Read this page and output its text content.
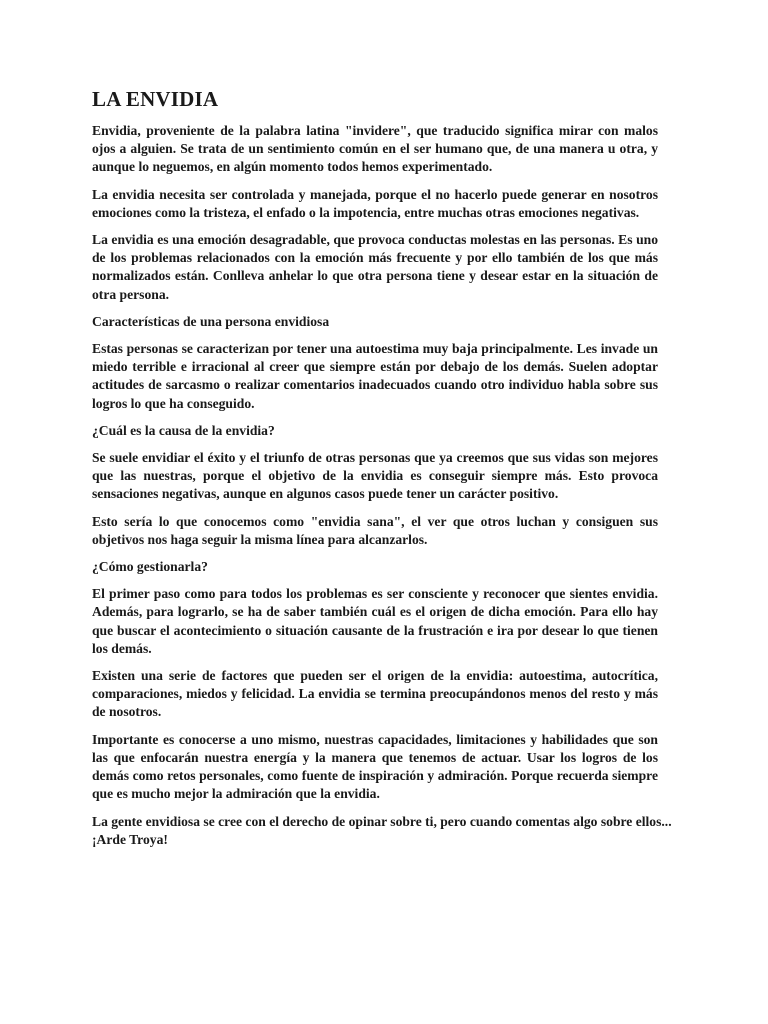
LA ENVIDIA

Envidia, proveniente de la palabra latina "invidere", que traducido significa mirar con malos ojos a alguien. Se trata de un sentimiento común en el ser humano que, de una manera u otra, y aunque lo neguemos, en algún momento todos hemos experimentado.

La envidia necesita ser controlada y manejada, porque el no hacerlo puede generar en nosotros emociones como la tristeza, el enfado o la impotencia, entre muchas otras emociones negativas.

La envidia es una emoción desagradable, que provoca conductas molestas en las personas. Es uno de los problemas relacionados con la emoción más frecuente y por ello también de los que más normalizados están. Conlleva anhelar lo que otra persona tiene y desear estar en la situación de otra persona.

Características de una persona envidiosa

Estas personas se caracterizan por tener una autoestima muy baja principalmente. Les invade un miedo terrible e irracional al creer que siempre están por debajo de los demás. Suelen adoptar actitudes de sarcasmo o realizar comentarios inadecuados cuando otro individuo habla sobre sus logros lo que ha conseguido.

¿Cuál es la causa de la envidia?

Se suele envidiar el éxito y el triunfo de otras personas que ya creemos que sus vidas son mejores que las nuestras, porque el objetivo de la envidia es conseguir siempre más. Esto provoca sensaciones negativas, aunque en algunos casos puede tener un carácter positivo.

Esto sería lo que conocemos como "envidia sana", el ver que otros luchan y consiguen sus objetivos nos haga seguir la misma línea para alcanzarlos.

¿Cómo gestionarla?

El primer paso como para todos los problemas es ser consciente y reconocer que sientes envidia. Además, para lograrlo, se ha de saber también cuál es el origen de dicha emoción. Para ello hay que buscar el acontecimiento o situación causante de la frustración e ira por desear lo que tienen los demás.

Existen una serie de factores que pueden ser el origen de la envidia: autoestima, autocrítica, comparaciones, miedos y felicidad. La envidia se termina preocupándonos menos del resto y más de nosotros.

Importante es conocerse a uno mismo, nuestras capacidades, limitaciones y habilidades que son las que enfocarán nuestra energía y la manera que tenemos de actuar. Usar los logros de los demás como retos personales, como fuente de inspiración y admiración. Porque recuerda siempre que es mucho mejor la admiración que la envidia.

La gente envidiosa se cree con el derecho de opinar sobre ti, pero cuando comentas algo sobre ellos... ¡Arde Troya!
